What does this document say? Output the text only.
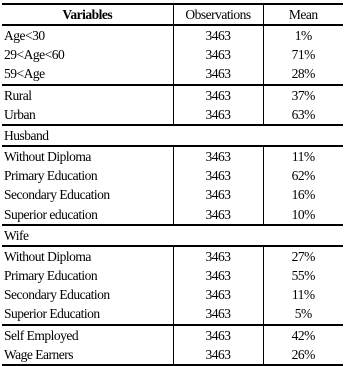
Variables	Observations	Mean
Age<30	3463	1%
29<Age<60	3463	71%
59<Age	3463	28%
Rural	3463	37%
Urban	3463	63%
Husband		
Without Diploma	3463	11%
Primary Education	3463	62%
Secondary Education	3463	16%
Superior education	3463	10%
Wife		
Without Diploma	3463	27%
Primary Education	3463	55%
Secondary Education	3463	11%
Superior Education	3463	5%
Self Employed	3463	42%
Wage Earners	3463	26%
